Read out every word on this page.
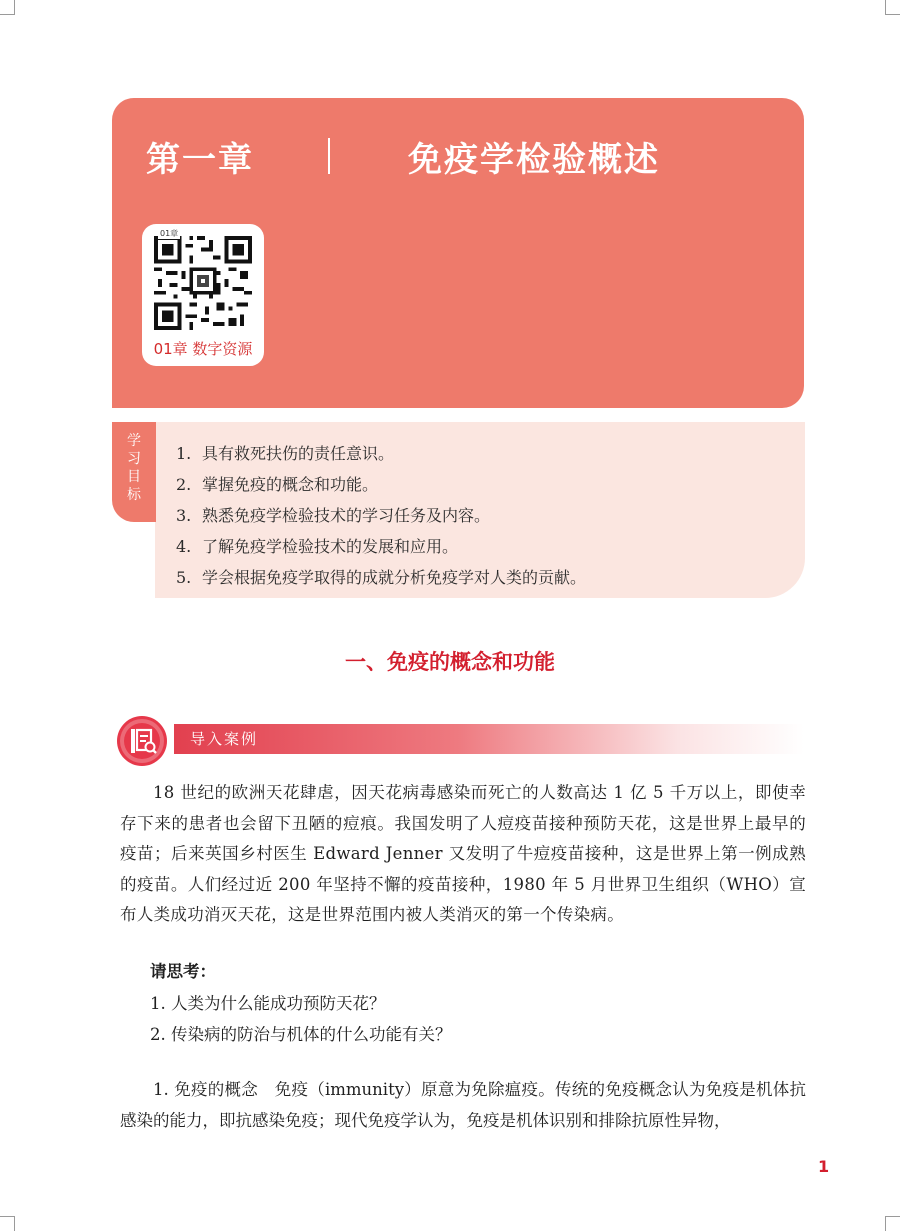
第一章	免疫学检验概述
01章
01章 数字资源
学
习
目
标
1. 具有救死扶伤的责任意识。
2. 掌握免疫的概念和功能。
3. 熟悉免疫学检验技术的学习任务及内容。
4. 了解免疫学检验技术的发展和应用。
5. 学会根据免疫学取得的成就分析免疫学对人类的贡献。
一、免疫的概念和功能
导入案例

18 世纪的欧洲天花肆虐，因天花病毒感染而死亡的人数高达 1 亿 5 千万以上，即使幸存下来的患者也会留下丑陋的痘痕。我国发明了人痘疫苗接种预防天花，这是世界上最早的疫苗；后来英国乡村医生 Edward Jenner 又发明了牛痘疫苗接种，这是世界上第一例成熟的疫苗。人们经过近 200 年坚持不懈的疫苗接种，1980 年 5 月世界卫生组织（WHO）宣布人类成功消灭天花，这是世界范围内被人类消灭的第一个传染病。

请思考：
1. 人类为什么能成功预防天花？
2. 传染病的防治与机体的什么功能有关？

1. 免疫的概念　免疫（immunity）原意为免除瘟疫。传统的免疫概念认为免疫是机体抗感染的能力，即抗感染免疫；现代免疫学认为，免疫是机体识别和排除抗原性异物，

1
